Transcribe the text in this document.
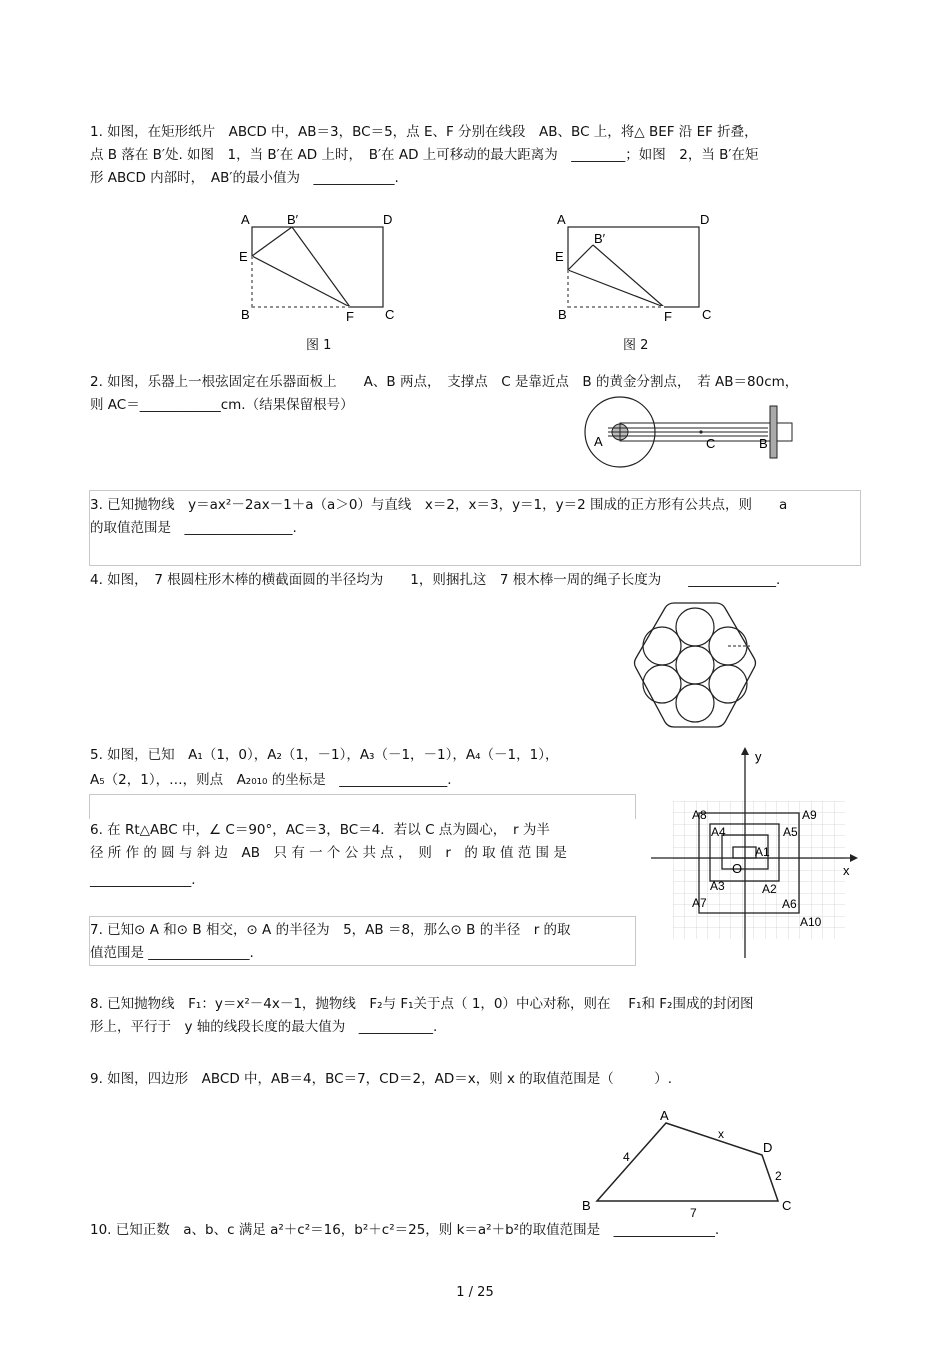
1. 如图，在矩形纸片　ABCD 中，AB＝3，BC＝5，点 E、F 分别在线段　AB、BC 上，将△ BEF 沿 EF 折叠，
点 B 落在 B′处. 如图　1，当 B′在 AD 上时，　B′在 AD 上可移动的最大距离为　________；如图　2，当 B′在矩
形 ABCD 内部时，　AB′的最小值为　____________.
A	B′	D
E
B	F C
图 1
A	D
B′
E
B	F C
图 2
2. 如图，乐器上一根弦固定在乐器面板上　　A、B 两点，　支撑点　C 是靠近点　B 的黄金分割点，　若 AB＝80cm，
则 AC＝____________cm.（结果保留根号）
A	C	B
3. 已知抛物线　y＝ax²－2ax－1＋a（a＞0）与直线　x＝2，x＝3，y＝1，y＝2 围成的正方形有公共点，则　　a
的取值范围是　________________.
4. 如图，　7 根圆柱形木棒的横截面圆的半径均为　　1，则捆扎这　7 根木棒一周的绳子长度为　　_____________.
5. 如图，已知　A₁（1，0），A₂（1，－1），A₃（－1，－1），A₄（－1，1），
A₅（2，1），…，则点　A₂₀₁₀ 的坐标是　________________.
6. 在 Rt△ABC 中，∠ C＝90°，AC＝3，BC＝4．若以 C 点为圆心，　r 为半
径 所 作 的 圆 与 斜 边　AB　只 有 一 个 公 共 点 ，　则　r　的 取 值 范 围 是
_______________.
7. 已知⊙ A 和⊙ B 相交，⊙ A 的半径为　5，AB ＝8，那么⊙ B 的半径　r 的取
值范围是 _______________.
y
x
O
A1
A2
A3
A4	A5
A6
A7
A8	A9
A10
8. 已知抛物线　F₁：y＝x²－4x－1，抛物线　F₂与 F₁关于点（ 1，0）中心对称，则在　 F₁和 F₂围成的封闭图
形上，平行于　y 轴的线段长度的最大值为　___________.
9. 如图，四边形　ABCD 中，AB＝4，BC＝7，CD＝2，AD＝x，则 x 的取值范围是（　　　）.
A
D
C
B
4
x
2
7
10. 已知正数　a、b、c 满足 a²＋c²＝16，b²＋c²＝25，则 k＝a²＋b²的取值范围是　_______________.
1 / 25
